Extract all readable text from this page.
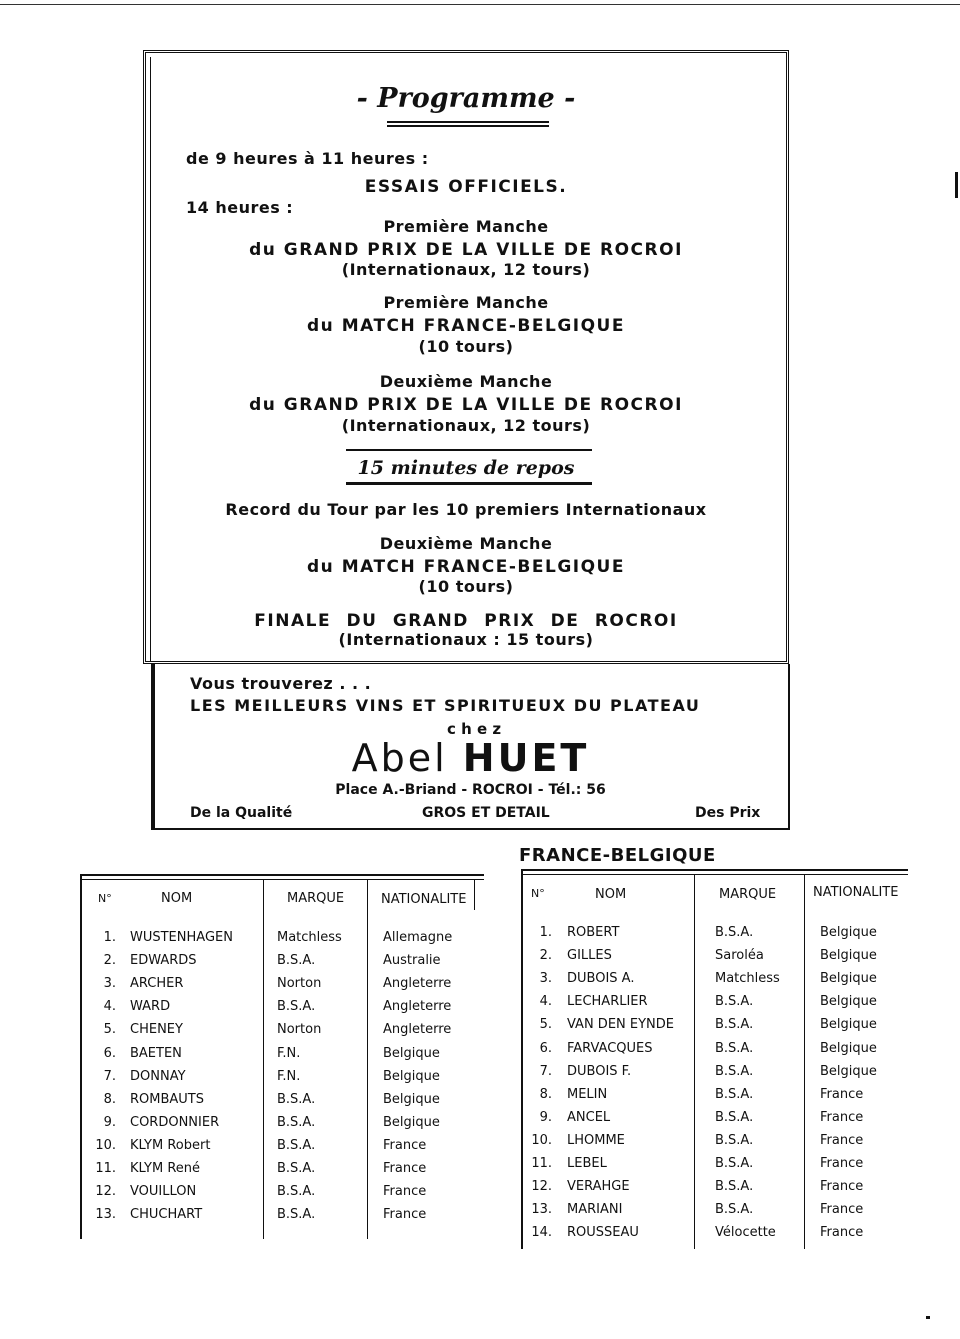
- Programme -
de 9 heures à 11 heures :
ESSAIS OFFICIELS.
14 heures :
Première Manche
du GRAND PRIX DE LA VILLE DE ROCROI
(Internationaux, 12 tours)
Première Manche
du MATCH FRANCE-BELGIQUE
(10 tours)
Deuxième Manche
du GRAND PRIX DE LA VILLE DE ROCROI
(Internationaux, 12 tours)
15 minutes de repos
Record du Tour par les 10 premiers Internationaux
Deuxième Manche
du MATCH FRANCE-BELGIQUE
(10 tours)
FINALE DU GRAND PRIX DE ROCROI
(Internationaux : 15 tours)
Vous trouverez . . .
LES MEILLEURS VINS ET SPIRITUEUX DU PLATEAU
c h e z
Abel HUET
Place A.-Briand - ROCROI - Tél.: 56
De la Qualité	GROS ET DETAIL	Des Prix
FRANCE-BELGIQUE
N°	NOM	MARQUE	NATIONALITE
1. WUSTENHAGEN	Matchless	Allemagne
2. EDWARDS	B.S.A.	Australie
3. ARCHER	Norton	Angleterre
4. WARD	B.S.A.	Angleterre
5. CHENEY	Norton	Angleterre
6. BAETEN	F.N.	Belgique
7. DONNAY	F.N.	Belgique
8. ROMBAUTS	B.S.A.	Belgique
9. CORDONNIER	B.S.A.	Belgique
10. KLYM Robert	B.S.A.	France
11. KLYM René	B.S.A.	France
12. VOUILLON	B.S.A.	France
13. CHUCHART	B.S.A.	France
N°	NOM	MARQUE	NATIONALITE
1. ROBERT	B.S.A.	Belgique
2. GILLES	Saroléa	Belgique
3. DUBOIS A.	Matchless	Belgique
4. LECHARLIER	B.S.A.	Belgique
5. VAN DEN EYNDE	B.S.A.	Belgique
6. FARVACQUES	B.S.A.	Belgique
7. DUBOIS F.	B.S.A.	Belgique
8. MELIN	B.S.A.	France
9. ANCEL	B.S.A.	France
10. LHOMME	B.S.A.	France
11. LEBEL	B.S.A.	France
12. VERAHGE	B.S.A.	France
13. MARIANI	B.S.A.	France
14. ROUSSEAU	Vélocette	France
